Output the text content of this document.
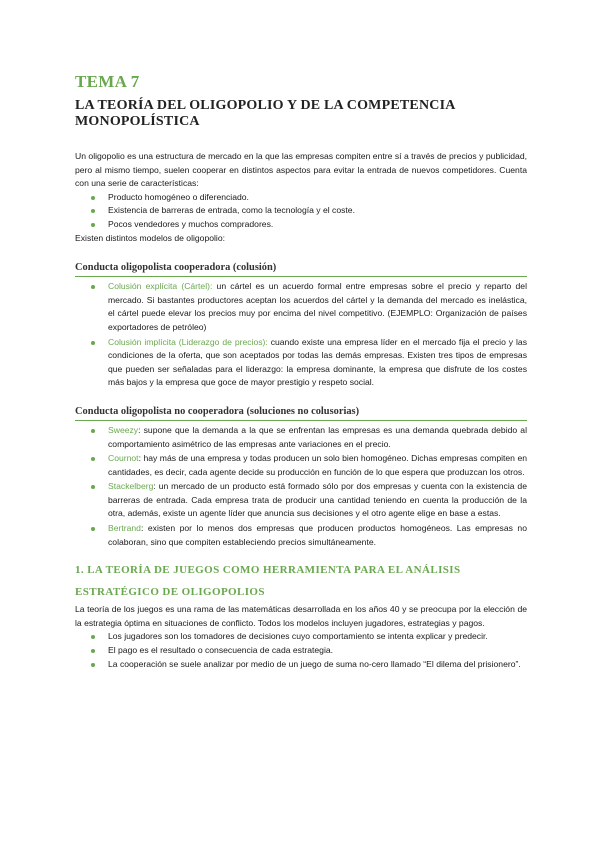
TEMA 7
LA TEORÍA DEL OLIGOPOLIO Y DE LA COMPETENCIA MONOPOLÍSTICA

Un oligopolio es una estructura de mercado en la que las empresas compiten entre sí a través de precios y publicidad, pero al mismo tiempo, suelen cooperar en distintos aspectos para evitar la entrada de nuevos competidores. Cuenta con una serie de características:

Producto homogéneo o diferenciado.
Existencia de barreras de entrada, como la tecnología y el coste.
Pocos vendedores y muchos compradores.

Existen distintos modelos de oligopolio:

Conducta oligopolista cooperadora (colusión)
Colusión explícita (Cártel): un cártel es un acuerdo formal entre empresas sobre el precio y reparto del mercado. Si bastantes productores aceptan los acuerdos del cártel y la demanda del mercado es inelástica, el cártel puede elevar los precios muy por encima del nivel competitivo. (EJEMPLO: Organización de países exportadores de petróleo)
Colusión implícita (Liderazgo de precios): cuando existe una empresa líder en el mercado fija el precio y las condiciones de la oferta, que son aceptados por todas las demás empresas. Existen tres tipos de empresas que pueden ser señaladas para el liderazgo: la empresa dominante, la empresa que disfrute de los costes más bajos y la empresa que goce de mayor prestigio y respeto social.
Conducta oligopolista no cooperadora (soluciones no colusorias)
Sweezy: supone que la demanda a la que se enfrentan las empresas es una demanda quebrada debido al comportamiento asimétrico de las empresas ante variaciones en el precio.
Cournot: hay más de una empresa y todas producen un solo bien homogéneo. Dichas empresas compiten en cantidades, es decir, cada agente decide su producción en función de lo que espera que produzcan los otros.
Stackelberg: un mercado de un producto está formado sólo por dos empresas y cuenta con la existencia de barreras de entrada. Cada empresa trata de producir una cantidad teniendo en cuenta la producción de la otra, además, existe un agente líder que anuncia sus decisiones y el otro agente elige en base a estas.
Bertrand: existen por lo menos dos empresas que producen productos homogéneos. Las empresas no colaboran, sino que compiten estableciendo precios simultáneamente.
1. LA TEORÍA DE JUEGOS COMO HERRAMIENTA PARA EL ANÁLISIS ESTRATÉGICO DE OLIGOPOLIOS

La teoría de los juegos es una rama de las matemáticas desarrollada en los años 40 y se preocupa por la elección de la estrategia óptima en situaciones de conflicto. Todos los modelos incluyen jugadores, estrategias y pagos.

Los jugadores son los tomadores de decisiones cuyo comportamiento se intenta explicar y predecir.
El pago es el resultado o consecuencia de cada estrategia.
La cooperación se suele analizar por medio de un juego de suma no-cero llamado “El dilema del prisionero”.
